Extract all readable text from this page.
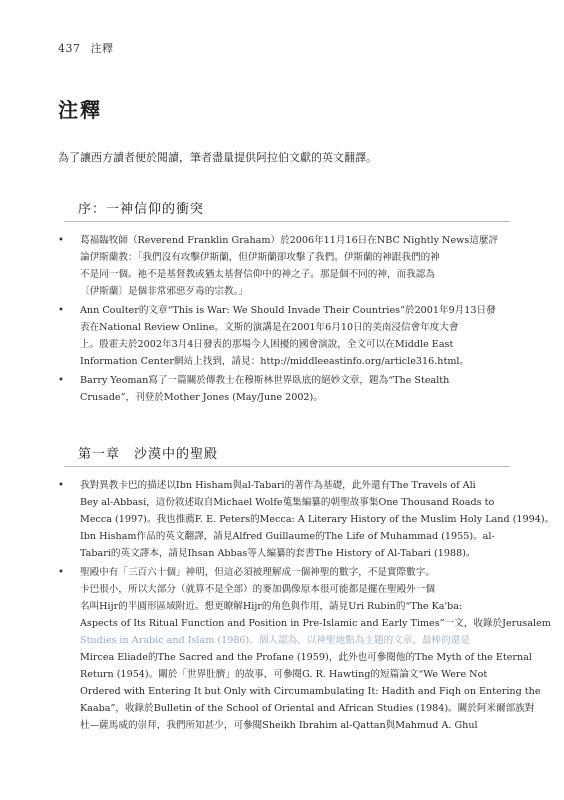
437 注釋
注釋
為了讓西方讀者便於閱讀，筆者盡量提供阿拉伯文獻的英文翻譯。
序：一神信仰的衝突
• 葛福臨牧師（Reverend Franklin Graham）於2006年11月16日在NBC Nightly News這麼評
論伊斯蘭教：「我們沒有攻擊伊斯蘭，但伊斯蘭卻攻擊了我們。伊斯蘭的神跟我們的神
不是同一個。祂不是基督教或猶太基督信仰中的神之子。那是個不同的神，而我認為
〔伊斯蘭〕是個非常邪惡歹毒的宗教。」
• Ann Coulter的文章“This is War: We Should Invade Their Countries”於2001年9月13日發
表在National Review Online。文斯的演講是在2001年6月10日的美南浸信會年度大會
上。殷霍夫於2002年3月4日發表的那場今人困擾的國會演說，全文可以在Middle East
Information Center網站上找到，請見：http://middleeastinfo.org/article316.html。
• Barry Yeoman寫了一篇關於傳教士在穆斯林世界臥底的絕妙文章，題為“The Stealth
Crusade”，刊登於Mother Jones (May/June 2002)。
第一章　沙漠中的聖殿
• 我對異教卡巴的描述以Ibn Hisham與al-Tabari的著作為基礎，此外還有The Travels of Ali
Bey al-Abbasi，這份敘述取自Michael Wolfe蒐集編纂的朝聖故事集One Thousand Roads to
Mecca (1997)。我也推薦F. E. Peters的Mecca: A Literary History of the Muslim Holy Land (1994)。
Ibn Hisham作品的英文翻譯，請見Alfred Guillaume的The Life of Muhammad (1955)。al-
Tabari的英文譯本，請見Ihsan Abbas等人編纂的套書The History of Al-Tabari (1988)。
• 聖殿中有「三百六十個」神明，但這必須被理解成一個神聖的數字，不是實際數字。
卡巴很小，所以大部分（就算不是全部）的麥加偶像原本很可能都是擺在聖殿外一個
名叫Hijr的半圓形區域附近。想更瞭解Hijr的角色與作用，請見Uri Rubin的“The Ka'ba:
Aspects of Its Ritual Function and Position in Pre-Islamic and Early Times”一文，收錄於Jerusalem
Studies in Arabic and Islam (1986)。個人認為，以神聖地點為主題的文章，最棒的還是
Mircea Eliade的The Sacred and the Profane (1959)，此外也可參閱他的The Myth of the Eternal
Return (1954)。關於「世界肚臍」的故事，可參閱G. R. Hawting的短篇論文“We Were Not
Ordered with Entering It but Only with Circumambulating It: Hadith and Fiqh on Entering the
Kaaba”，收錄於Bulletin of the School of Oriental and African Studies (1984)。關於阿米爾部族對
杜—薩馬威的崇拜，我們所知甚少，可參閱Sheikh Ibrahim al-Qattan與Mahmud A. Ghul
